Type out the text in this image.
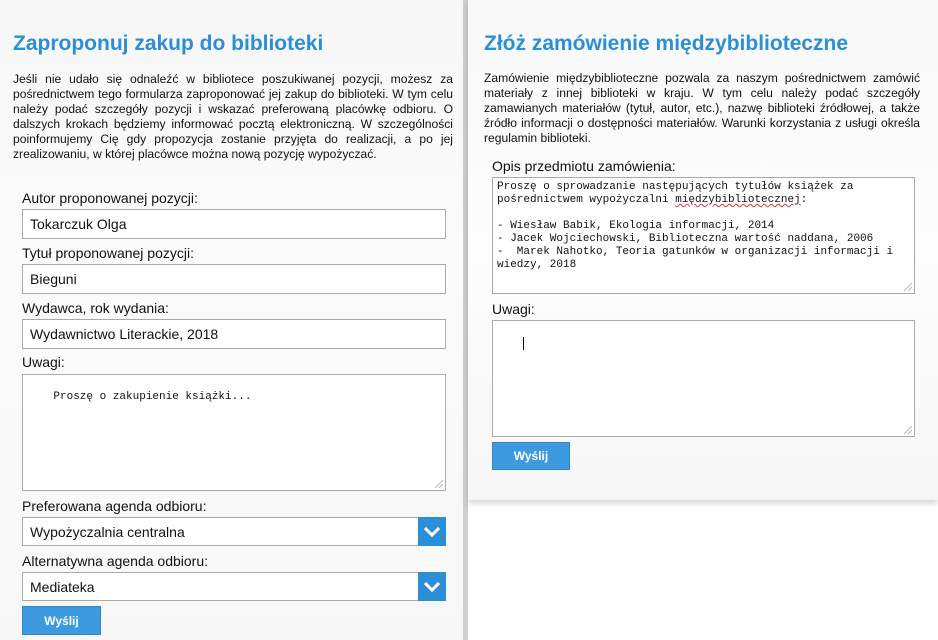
Zaproponuj zakup do biblioteki

Jeśli nie udało się odnaleźć w bibliotece poszukiwanej pozycji, możesz za pośrednictwem tego formularza zaproponować jej zakup do biblioteki. W tym celu należy podać szczegóły pozycji i wskazać preferowaną placówkę odbioru. O dalszych krokach będziemy informować pocztą elektroniczną. W szczególności poinformujemy Cię gdy propozycja zostanie przyjęta do realizacji, a po jej zrealizowaniu, w której placówce można nową pozycję wypożyczać.

Autor proponowanej pozycji:
Tokarczuk Olga
Tytuł proponowanej pozycji:
Bieguni
Wydawca, rok wydania:
Wydawnictwo Literackie, 2018
Uwagi:

Proszę o zakupienie książki...

Preferowana agenda odbioru:
Wypożyczalnia centralna
Alternatywna agenda odbioru:
Mediateka
Wyślij
Złóż zamówienie międzybiblioteczne

Zamówienie międzybiblioteczne pozwala za naszym pośrednictwem zamówić materiały z innej biblioteki w kraju. W tym celu należy podać szczegóły zamawianych materiałów (tytuł, autor, etc.), nazwę biblioteki źródłowej, a także źródło informacji o dostępności materiałów. Warunki korzystania z usługi określa regulamin biblioteki.

Opis przedmiotu zamówienia:
Proszę o sprowadzanie następujących tytułów książek za
pośrednictwem wypożyczalni międzybibliotecznej:

- Wiesław Babik, Ekologia informacji, 2014
- Jacek Wojciechowski, Biblioteczna wartość naddana, 2006
-  Marek Nahotko, Teoria gatunków w organizacji informacji i wiedzy, 2018
Uwagi:

Wyślij
